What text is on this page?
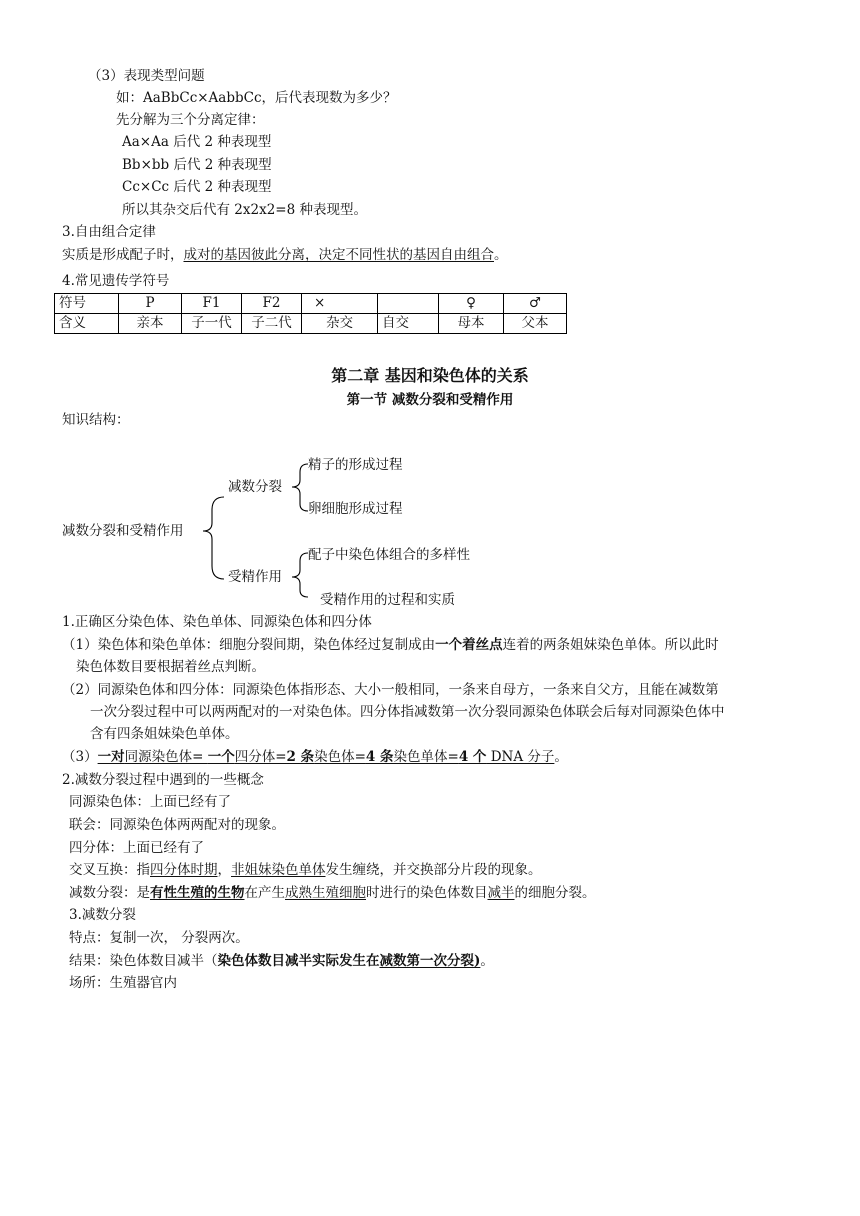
（3）表现类型问题
如：AaBbCc×AabbCc，后代表现数为多少？
先分解为三个分离定律：
Aa×Aa 后代 2 种表现型
Bb×bb 后代 2 种表现型
Cc×Cc 后代 2 种表现型
所以其杂交后代有 2x2x2=8 种表现型。
3.自由组合定律
实质是形成配子时，成对的基因彼此分离，决定不同性状的基因自由组合。
4.常见遗传学符号
符号	P	F1	F2	×		♀	♂
含义	亲本	子一代	子二代	杂交	自交	母本	父本
第二章 基因和染色体的关系
第一节 减数分裂和受精作用
知识结构：
减数分裂和受精作用
减数分裂
精子的形成过程
卵细胞形成过程
受精作用
配子中染色体组合的多样性
受精作用的过程和实质
1.正确区分染色体、染色单体、同源染色体和四分体
（1）染色体和染色单体：细胞分裂间期，染色体经过复制成由一个着丝点连着的两条姐妹染色单体。所以此时
染色体数目要根据着丝点判断。
（2）同源染色体和四分体：同源染色体指形态、大小一般相同，一条来自母方，一条来自父方，且能在减数第
一次分裂过程中可以两两配对的一对染色体。四分体指减数第一次分裂同源染色体联会后每对同源染色体中
含有四条姐妹染色单体。
（3）一对同源染色体= 一个四分体=2 条染色体=4 条染色单体=4 个 DNA 分子。
2.减数分裂过程中遇到的一些概念
同源染色体：上面已经有了
联会：同源染色体两两配对的现象。
四分体：上面已经有了
交叉互换：指四分体时期，非姐妹染色单体发生缠绕，并交换部分片段的现象。
减数分裂：是有性生殖的生物在产生成熟生殖细胞时进行的染色体数目减半的细胞分裂。
3.减数分裂
特点：复制一次， 分裂两次。
结果：染色体数目减半（染色体数目减半实际发生在减数第一次分裂)。
场所：生殖器官内
